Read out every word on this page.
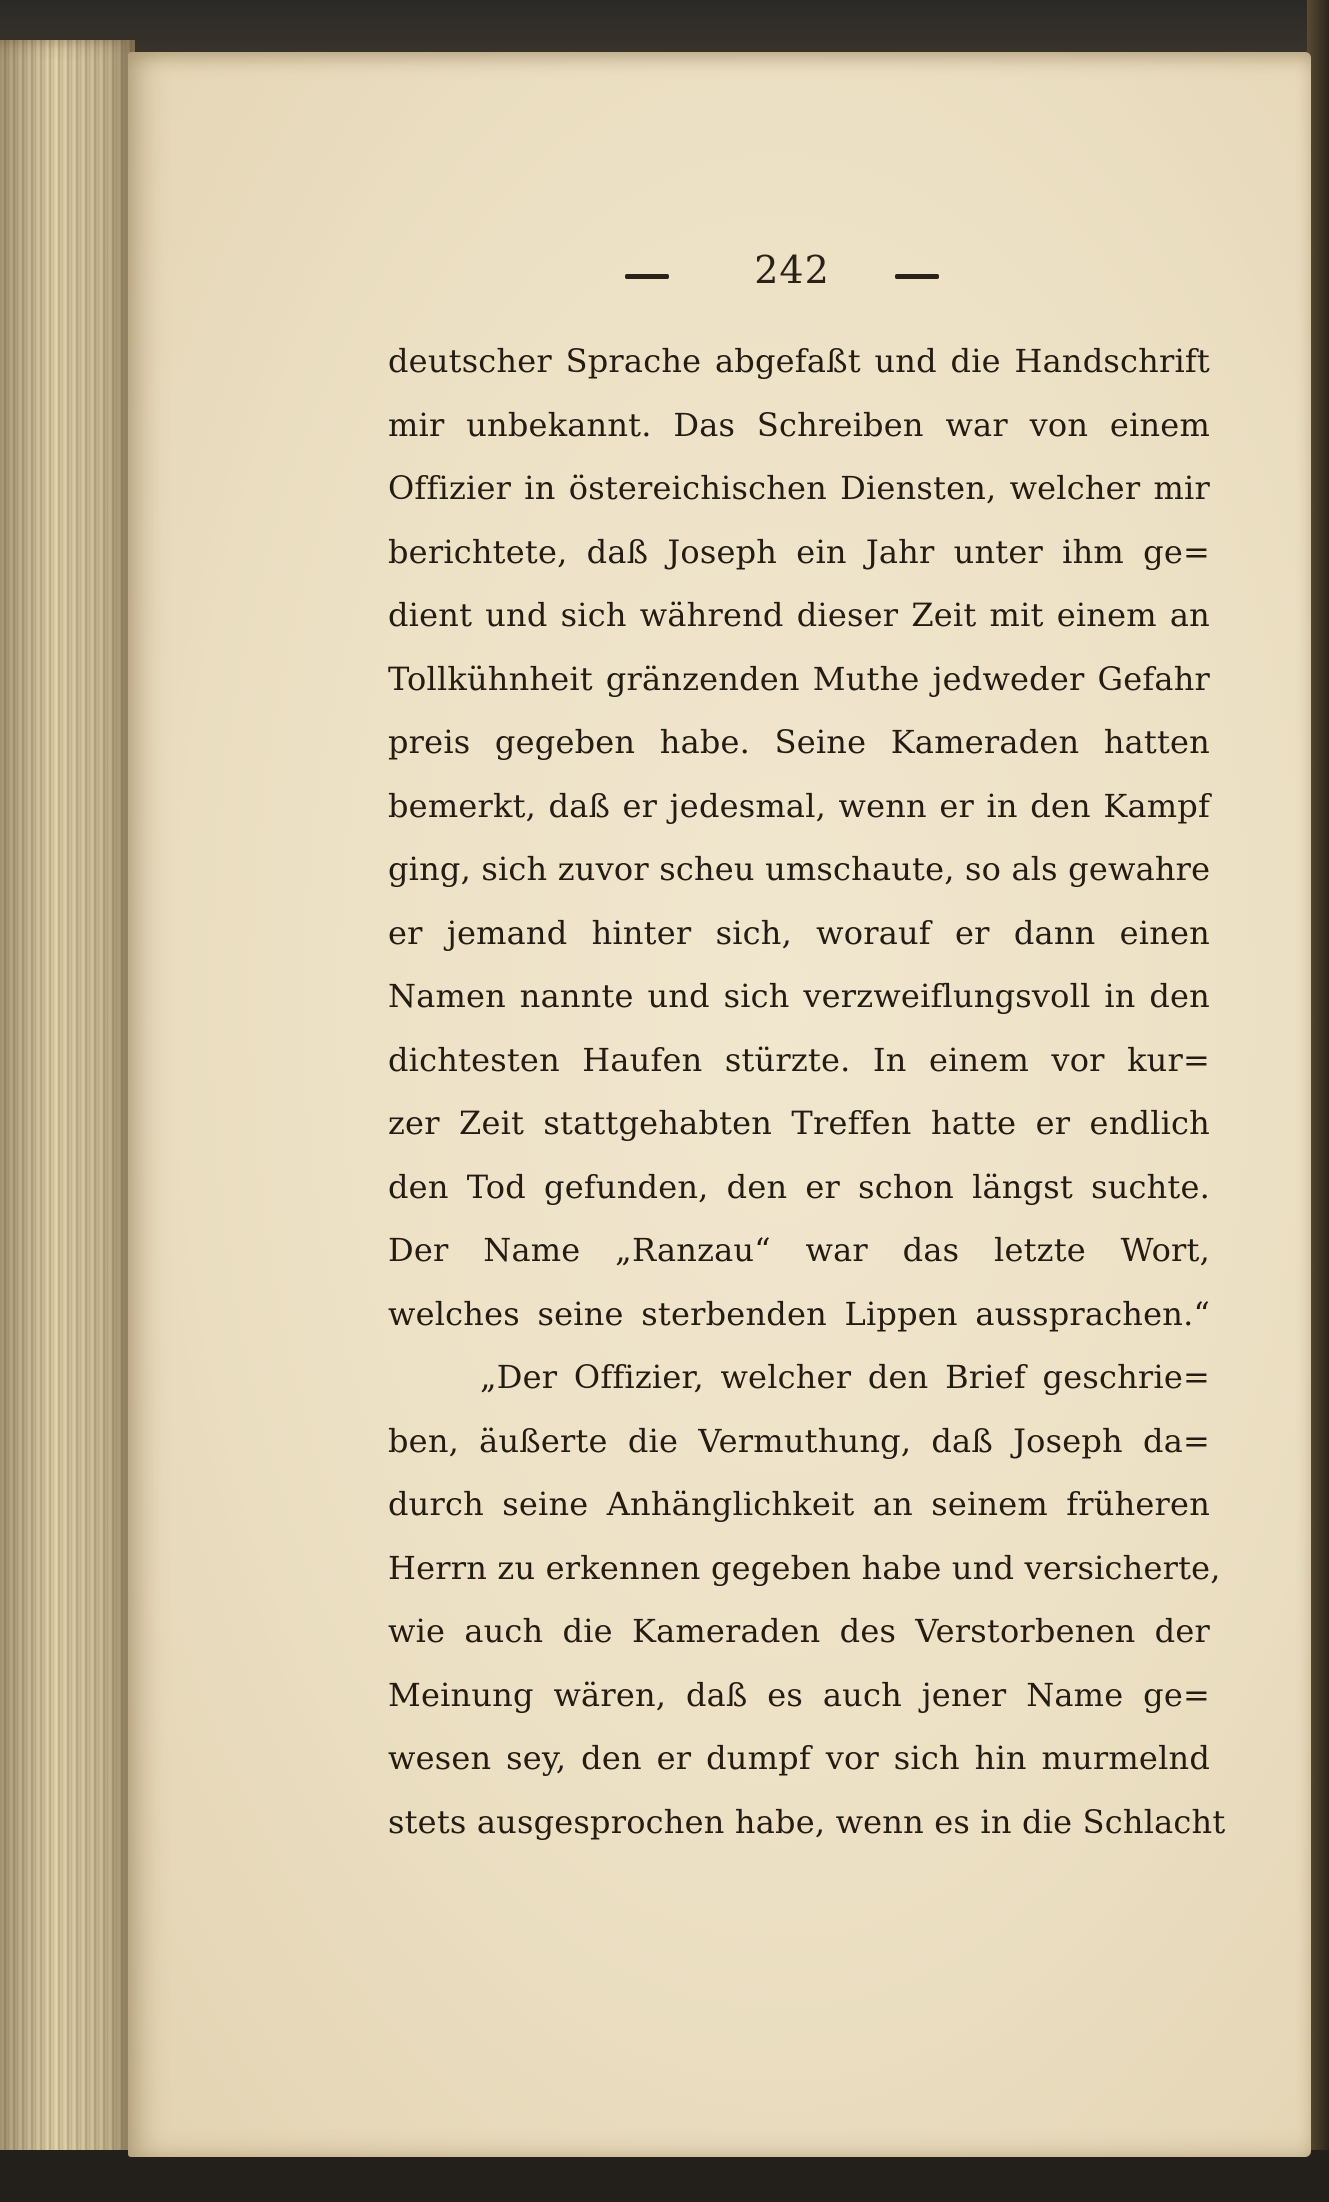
242
deutscher Sprache abgefaßt und die Handschrift
mir unbekannt. Das Schreiben war von einem
Offizier in östereichischen Diensten, welcher mir
berichtete, daß Joseph ein Jahr unter ihm ge=
dient und sich während dieser Zeit mit einem an
Tollkühnheit gränzenden Muthe jedweder Gefahr
preis gegeben habe. Seine Kameraden hatten
bemerkt, daß er jedesmal, wenn er in den Kampf
ging, sich zuvor scheu umschaute, so als gewahre
er jemand hinter sich, worauf er dann einen
Namen nannte und sich verzweiflungsvoll in den
dichtesten Haufen stürzte. In einem vor kur=
zer Zeit stattgehabten Treffen hatte er endlich
den Tod gefunden, den er schon längst suchte.
Der Name „Ranzau“ war das letzte Wort,
welches seine sterbenden Lippen aussprachen.“
„Der Offizier, welcher den Brief geschrie=
ben, äußerte die Vermuthung, daß Joseph da=
durch seine Anhänglichkeit an seinem früheren
Herrn zu erkennen gegeben habe und versicherte,
wie auch die Kameraden des Verstorbenen der
Meinung wären, daß es auch jener Name ge=
wesen sey, den er dumpf vor sich hin murmelnd
stets ausgesprochen habe, wenn es in die Schlacht
